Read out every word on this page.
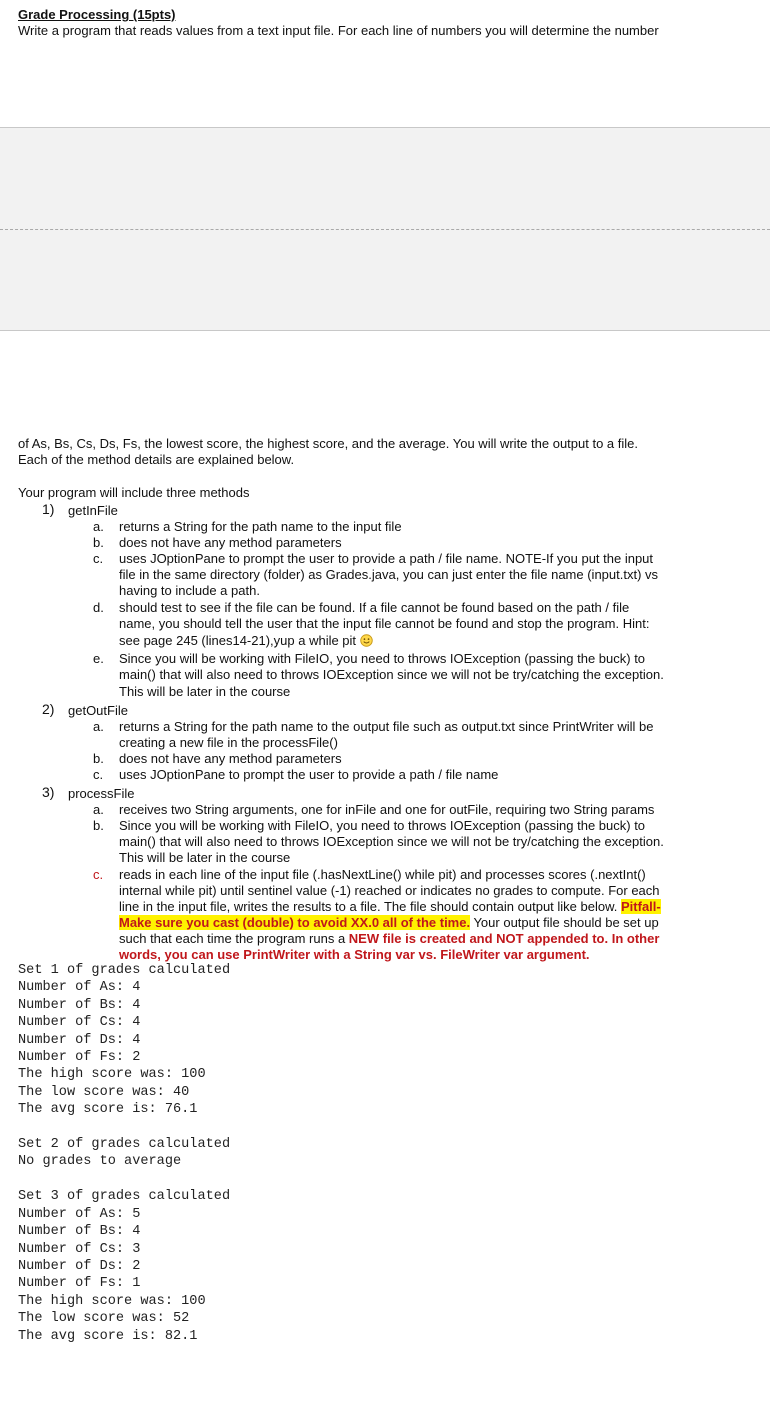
Grade Processing (15pts)
Write a program that reads values from a text input file. For each line of numbers you will determine the number
of As, Bs, Cs, Ds, Fs, the lowest score, the highest score, and the average. You will write the output to a file.
Each of the method details are explained below.
Your program will include three methods
1) getInFile
a.	returns a String for the path name to the input file
b.	does not have any method parameters
c.	uses JOptionPane to prompt the user to provide a path / file name. NOTE-If you put the input
file in the same directory (folder) as Grades.java, you can just enter the file name (input.txt) vs
having to include a path.
d.	should test to see if the file can be found. If a file cannot be found based on the path / file
name, you should tell the user that the input file cannot be found and stop the program. Hint:
see page 245 (lines14-21),yup a while pit
e.	Since you will be working with FileIO, you need to throws IOException (passing the buck) to
main() that will also need to throws IOException since we will not be try/catching the exception.
This will be later in the course
2) getOutFile
a.	returns a String for the path name to the output file such as output.txt since PrintWriter will be
creating a new file in the processFile()
b.	does not have any method parameters
c.	uses JOptionPane to prompt the user to provide a path / file name
3) processFile
a.	receives two String arguments, one for inFile and one for outFile, requiring two String params
b.	Since you will be working with FileIO, you need to throws IOException (passing the buck) to
main() that will also need to throws IOException since we will not be try/catching the exception.
This will be later in the course
c.	reads in each line of the input file (.hasNextLine() while pit) and processes scores (.nextInt()
internal while pit) until sentinel value (-1) reached or indicates no grades to compute. For each
line in the input file, writes the results to a file. The file should contain output like below. Pitfall-
Make sure you cast (double) to avoid XX.0 all of the time. Your output file should be set up
such that each time the program runs a NEW file is created and NOT appended to. In other
words, you can use PrintWriter with a String var vs. FileWriter var argument.
Set 1 of grades calculated
Number of As: 4
Number of Bs: 4
Number of Cs: 4
Number of Ds: 4
Number of Fs: 2
The high score was: 100
The low score was: 40
The avg score is: 76.1

Set 2 of grades calculated
No grades to average

Set 3 of grades calculated
Number of As: 5
Number of Bs: 4
Number of Cs: 3
Number of Ds: 2
Number of Fs: 1
The high score was: 100
The low score was: 52
The avg score is: 82.1
